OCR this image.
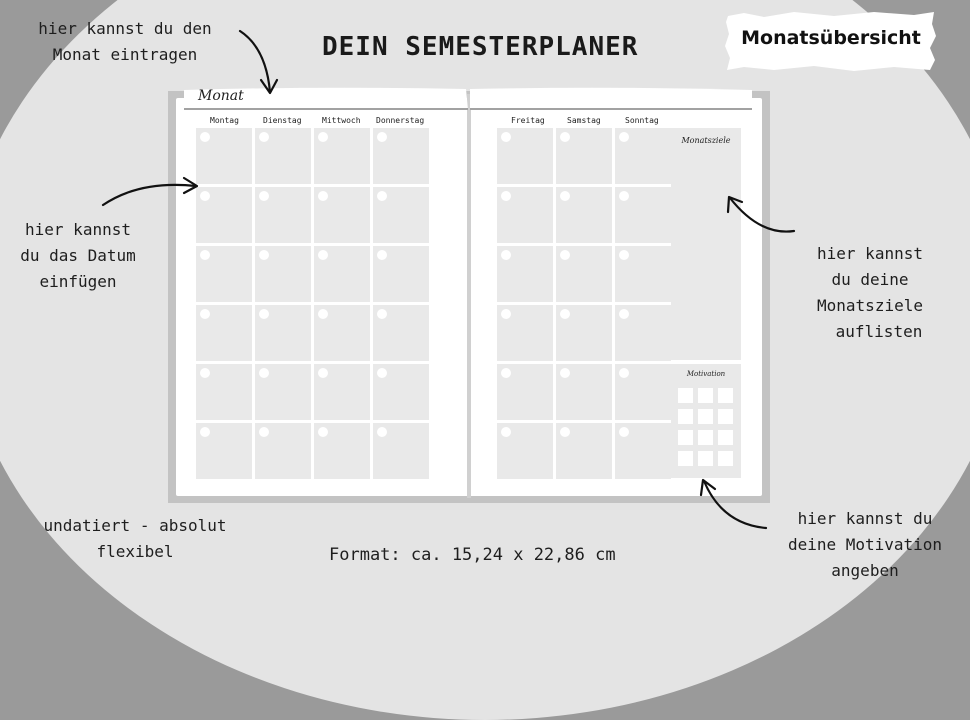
DEIN SEMESTERPLANER	Monatsübersicht
Monat
Montag	Dienstag	Mittwoch Donnerstag	Freitag	Samstag	Sonntag
Monatsziele
Motivation
hier kannst du den
Monat eintragen
hier kannst
du das Datum
einfügen
hier kannst
du deine
Monatsziele
auflisten
hier kannst du
deine Motivation
angeben
undatiert - absolut
flexibel	Format: ca. 15,24 x 22,86 cm
